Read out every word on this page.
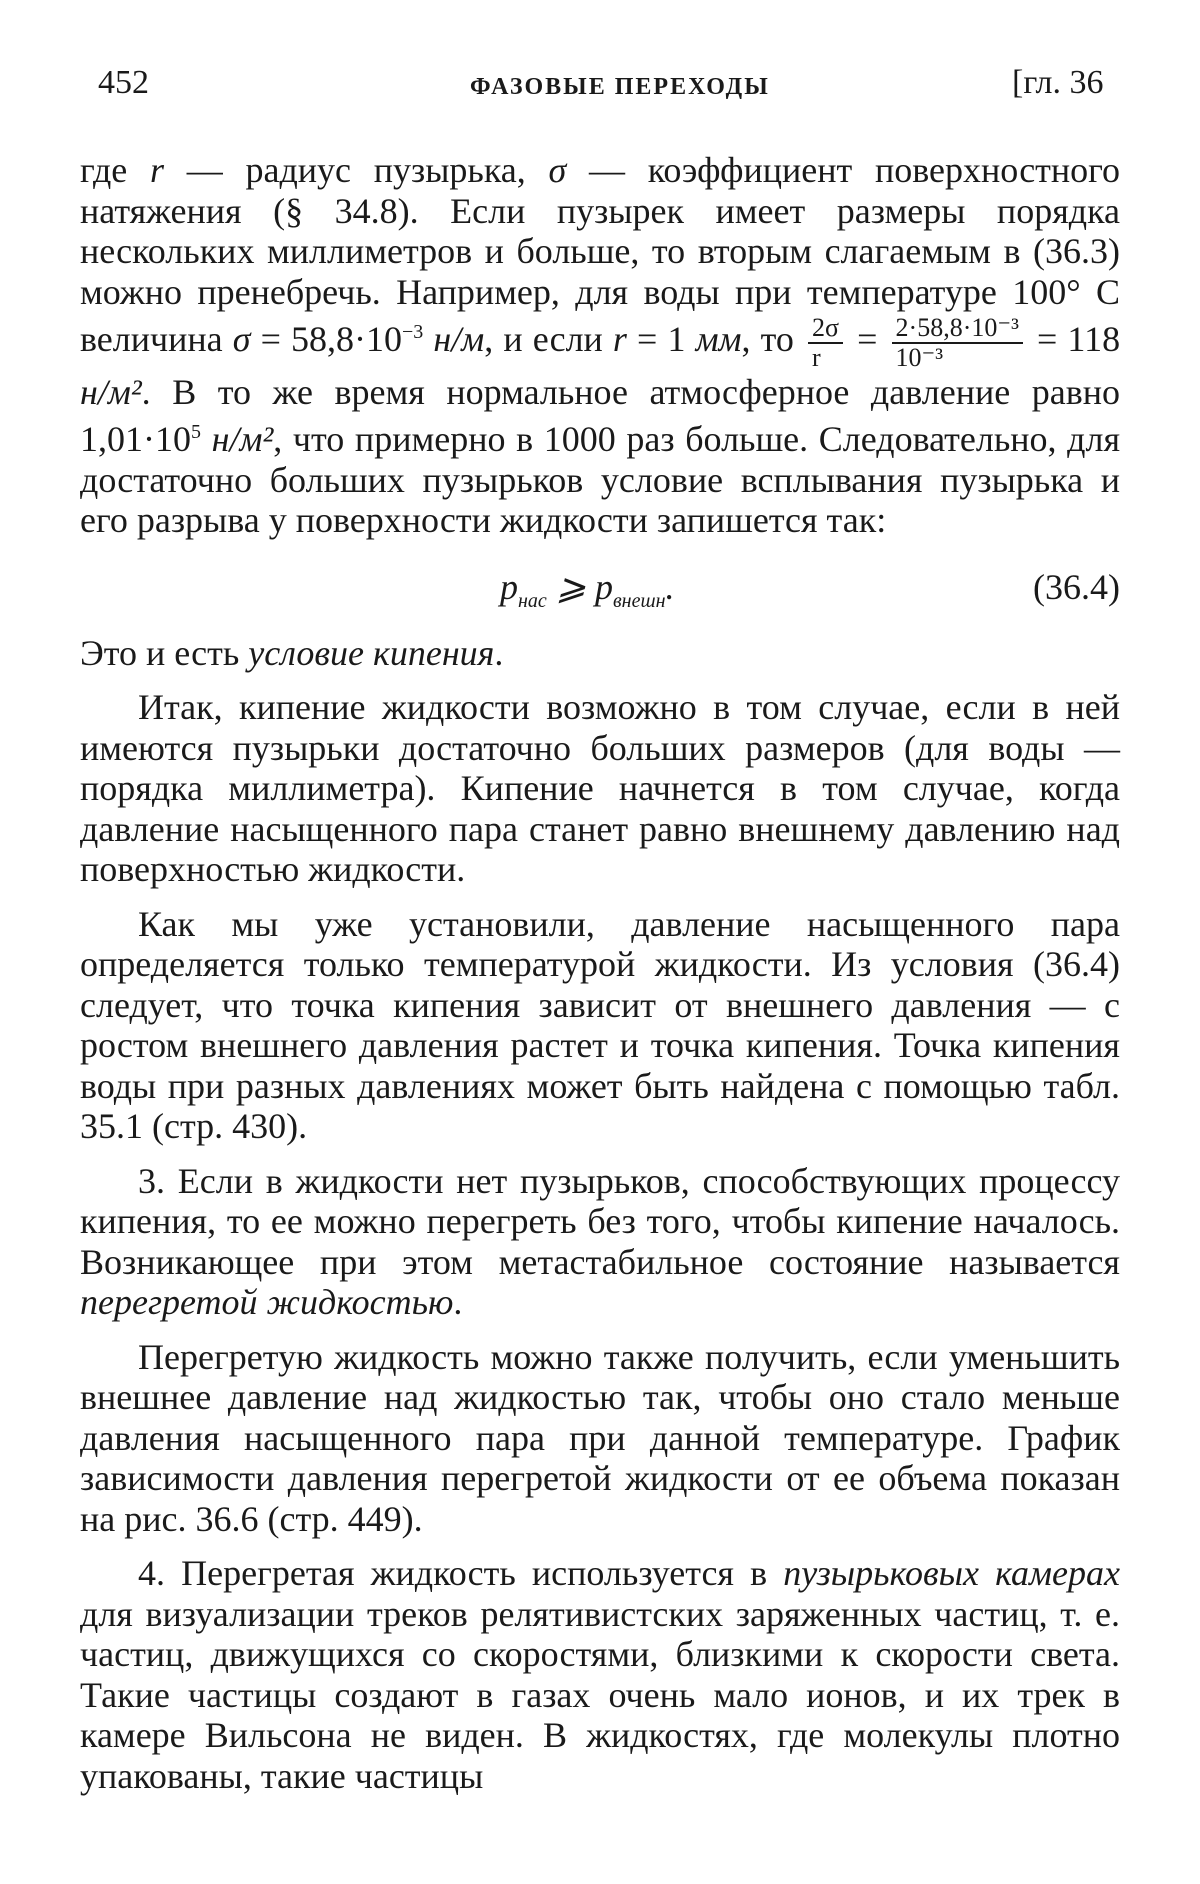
452	ФАЗОВЫЕ ПЕРЕХОДЫ	[гл. 36

где r — радиус пузырька, σ — коэффициент поверхностного натяжения (§ 34.8). Если пузырек имеет размеры порядка нескольких миллиметров и больше, то вторым слагаемым в (36.3) можно пренебречь. Например, для воды при температуре 100° С величина $\sigma = 58,8\cdot 10^{-3}$ н/м, и если r = 1 мм, то $\frac{2\sigma}{r} = \frac{\text{2·58,8·10⁻³}}{\text{10⁻³}} = 118$ н/м². В то же время нормальное атмосферное давление равно $1,01\cdot 10^5$ н/м², что примерно в 1000 раз больше. Следовательно, для достаточно больших пузырьков условие всплывания пузырька и его разрыва у поверхности жидкости запишется так:

$p_{нас}$ ⩾ $p_{внешн}$.	(36.4)

Это и есть условие кипения.

Итак, кипение жидкости возможно в том случае, если в ней имеются пузырьки достаточно больших размеров (для воды — порядка миллиметра). Кипение начнется в том случае, когда давление насыщенного пара станет равно внешнему давлению над поверхностью жидкости.

Как мы уже установили, давление насыщенного пара определяется только температурой жидкости. Из условия (36.4) следует, что точка кипения зависит от внешнего давления — с ростом внешнего давления растет и точка кипения. Точка кипения воды при разных давлениях может быть найдена с помощью табл. 35.1 (стр. 430).

3. Если в жидкости нет пузырьков, способствующих процессу кипения, то ее можно перегреть без того, чтобы кипение началось. Возникающее при этом метастабильное состояние называется перегретой жидкостью.

Перегретую жидкость можно также получить, если уменьшить внешнее давление над жидкостью так, чтобы оно стало меньше давления насыщенного пара при данной температуре. График зависимости давления перегретой жидкости от ее объема показан на рис. 36.6 (стр. 449).

4. Перегретая жидкость используется в пузырьковых камерах для визуализации треков релятивистских заряженных частиц, т. е. частиц, движущихся со скоростями, близкими к скорости света. Такие частицы создают в газах очень мало ионов, и их трек в камере Вильсона не виден. В жидкостях, где молекулы плотно упакованы, такие частицы
